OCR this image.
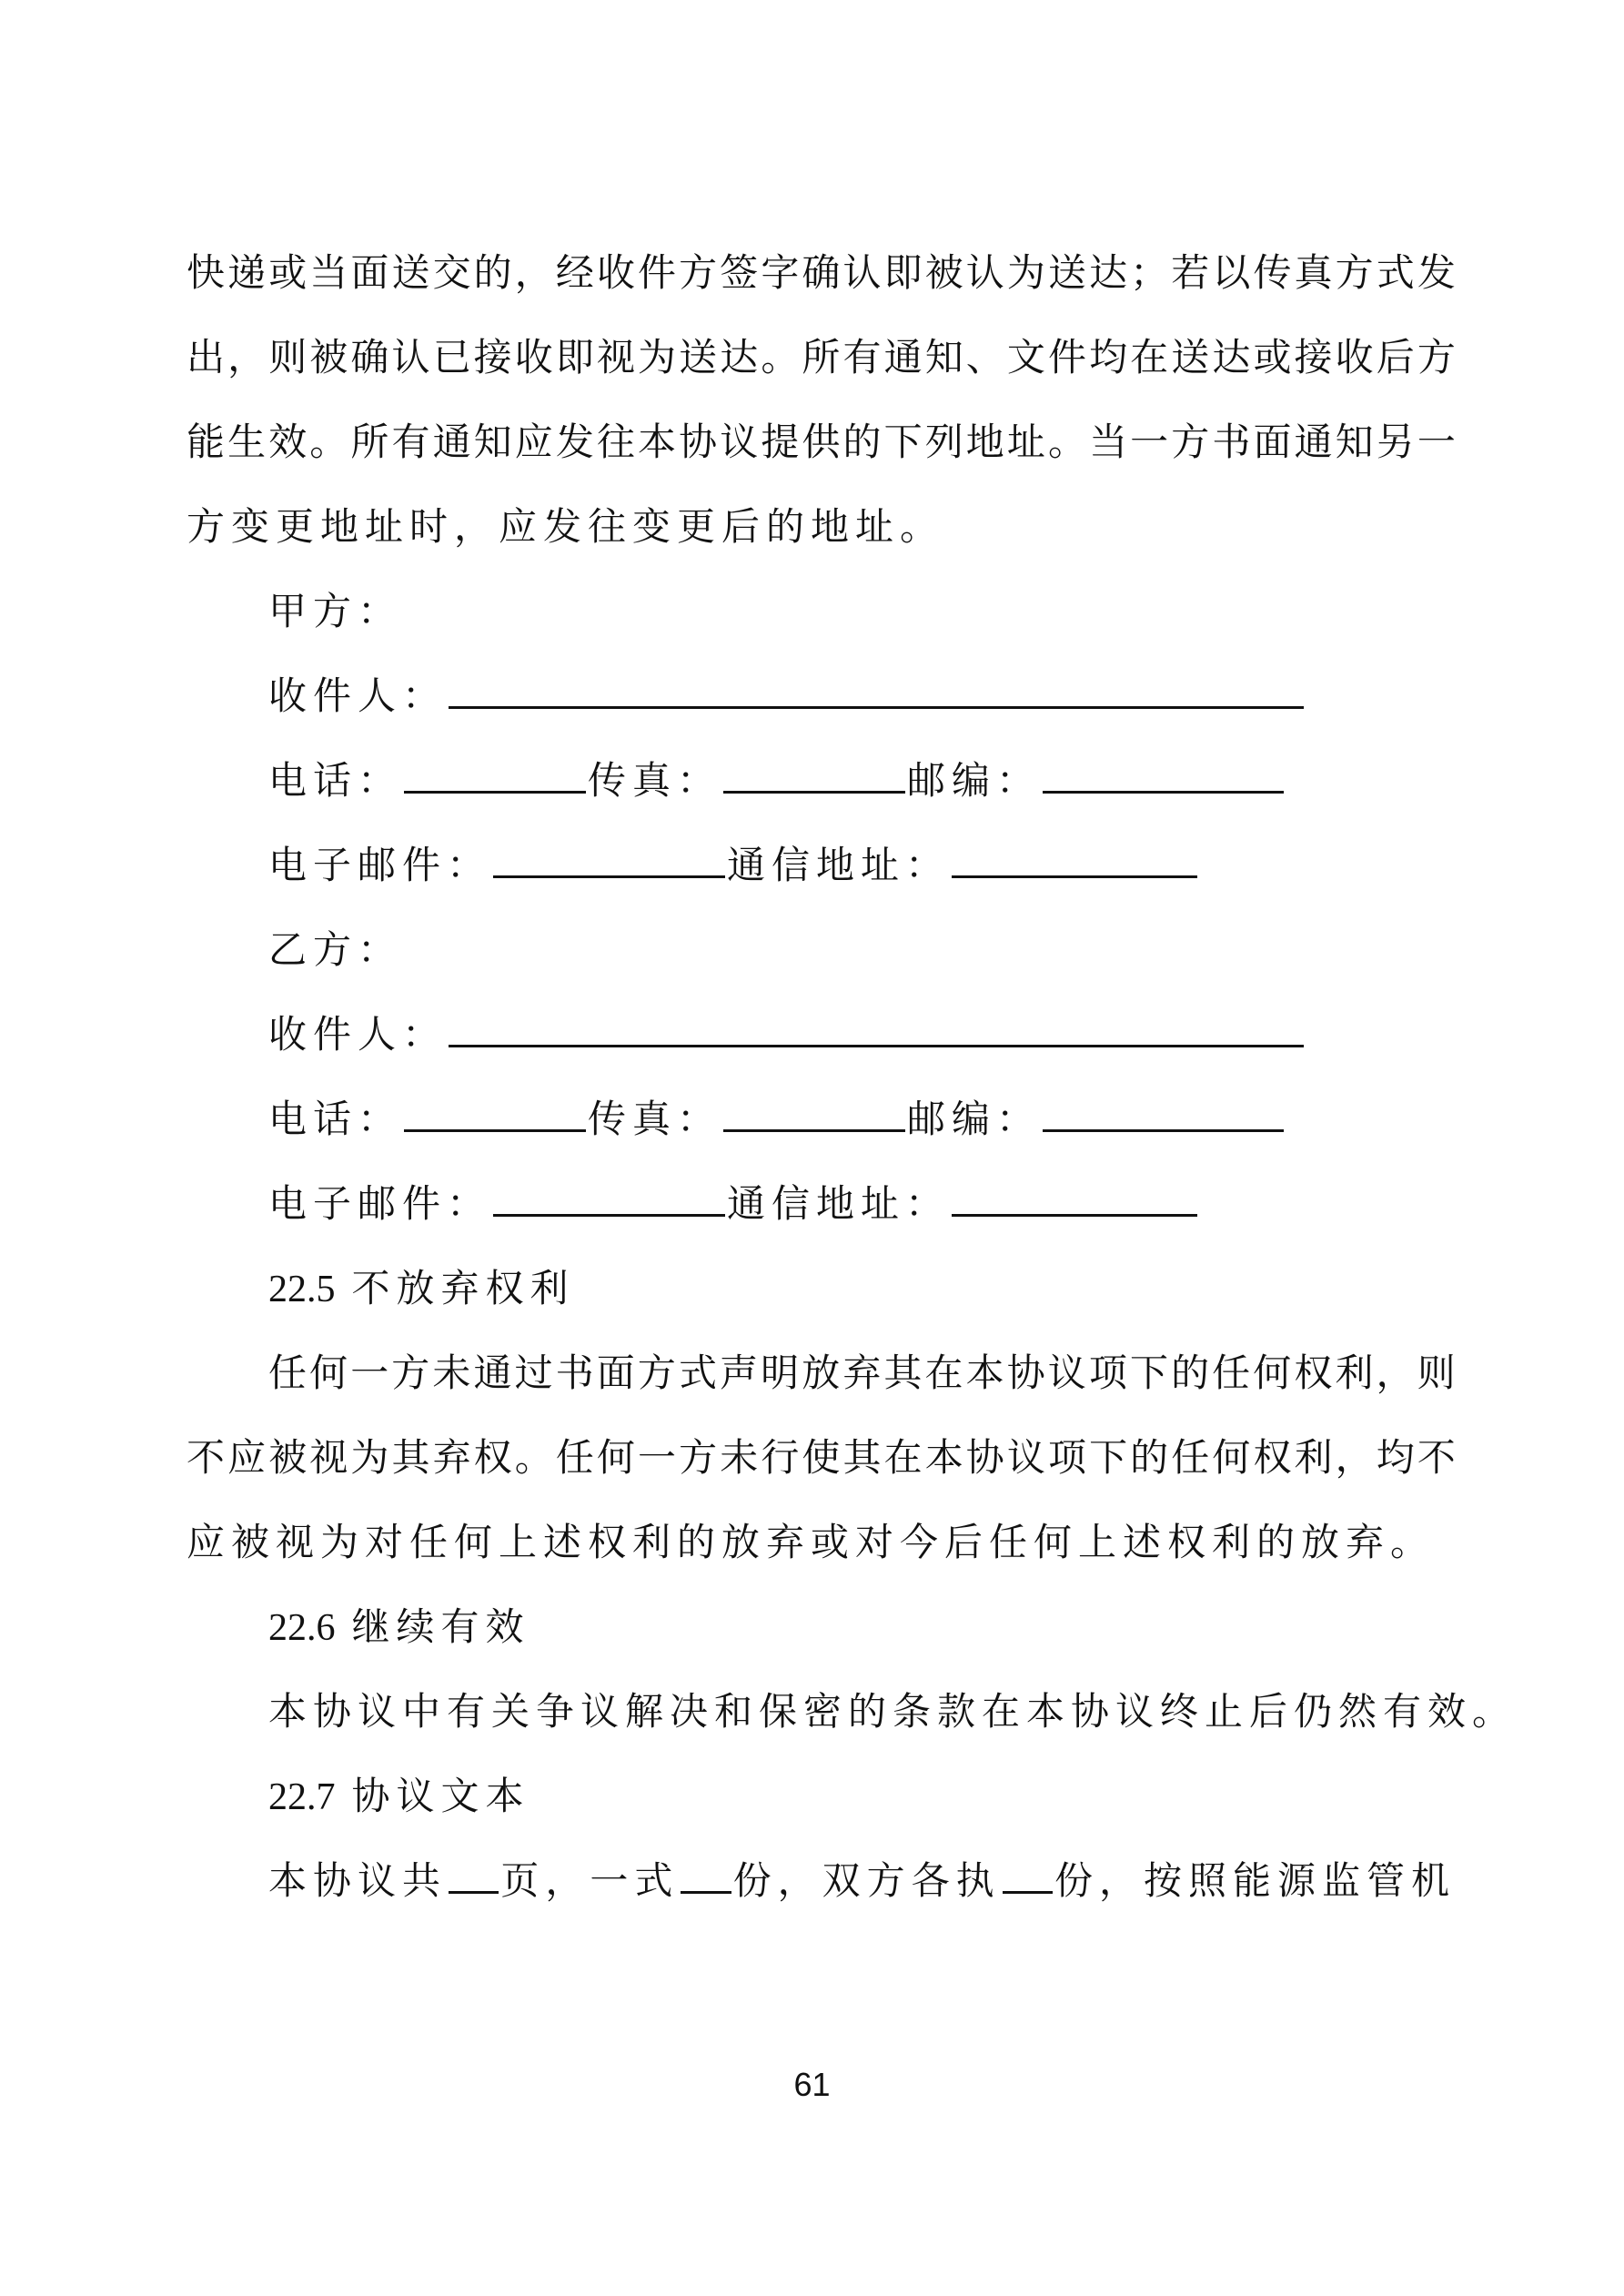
快 递 或 当 面 送 交 的 ， 经 收 件 方 签 字 确 认 即 被 认 为 送 达 ； 若 以 传 真 方 式 发
出 ， 则 被 确 认 已 接 收 即 视 为 送 达 。 所 有 通 知 、 文 件 均 在 送 达 或 接 收 后 方
能 生 效 。 所 有 通 知 应 发 往 本 协 议 提 供 的 下 列 地 址 。 当 一 方 书 面 通 知 另 一
方变更地址时，应发往变更后的地址。
甲方：
收件人：
电话：	传真：	邮编：
电子邮件：	通信地址：
乙方：
收件人：
电话：	传真：	邮编：
电子邮件：	通信地址：
22.5 不放弃权利
任 何 一 方 未 通 过 书 面 方 式 声 明 放 弃 其 在 本 协 议 项 下 的 任 何 权 利 ， 则
不 应 被 视 为 其 弃 权 。 任 何 一 方 未 行 使 其 在 本 协 议 项 下 的 任 何 权 利 ， 均 不
应被视为对任何上述权利的放弃或对今后任何上述权利的放弃。
22.6 继续有效
本协议中有关争议解决和保密的条款在本协议终止后仍然有效。
22.7 协议文本
本协议共 页，一式 份，双方各执 份，按照能源监管机
61
